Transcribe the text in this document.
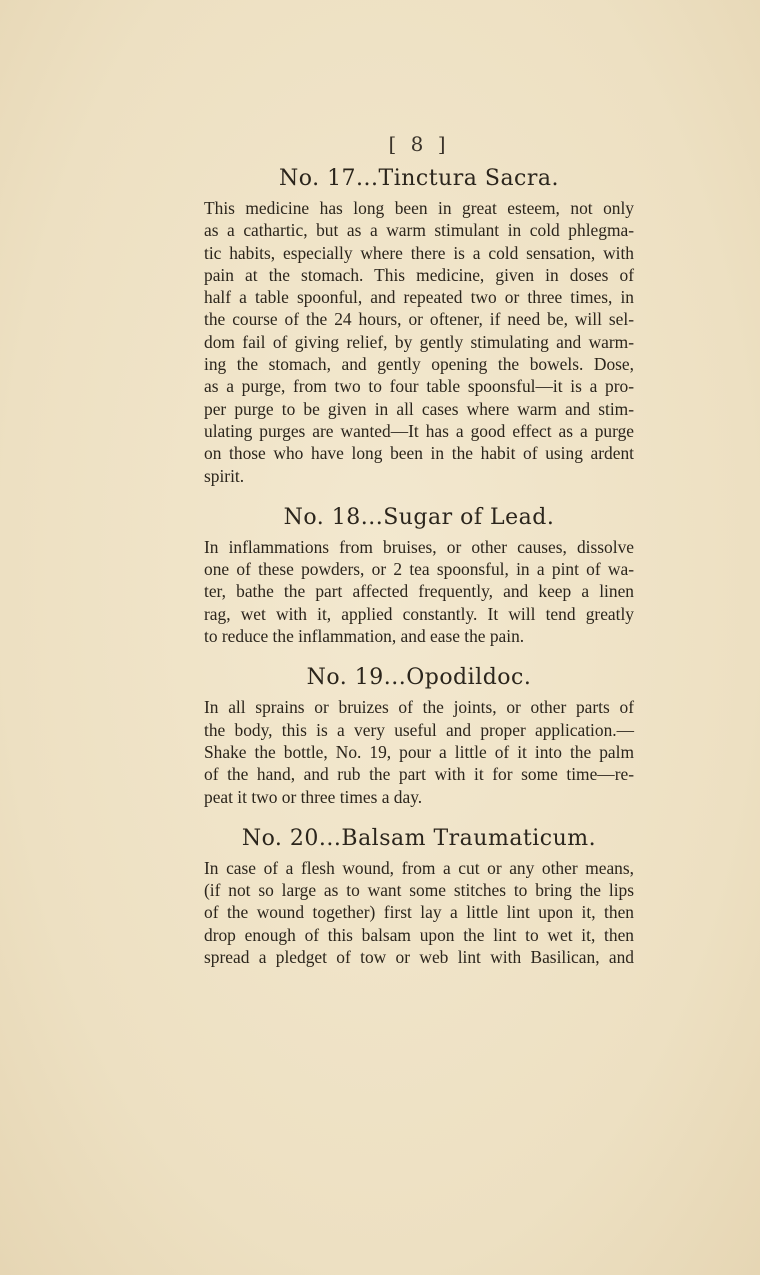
[ 8 ]
No. 17...Tinctura Sacra.
This medicine has long been in great esteem, not only
as a cathartic, but as a warm stimulant in cold phlegma-
tic habits, especially where there is a cold sensation, with
pain at the stomach. This medicine, given in doses of
half a table spoonful, and repeated two or three times, in
the course of the 24 hours, or oftener, if need be, will sel-
dom fail of giving relief, by gently stimulating and warm-
ing the stomach, and gently opening the bowels. Dose,
as a purge, from two to four table spoonsful—it is a pro-
per purge to be given in all cases where warm and stim-
ulating purges are wanted—It has a good effect as a purge
on those who have long been in the habit of using ardent
spirit.
No. 18...Sugar of Lead.
In inflammations from bruises, or other causes, dissolve
one of these powders, or 2 tea spoonsful, in a pint of wa-
ter, bathe the part affected frequently, and keep a linen
rag, wet with it, applied constantly. It will tend greatly
to reduce the inflammation, and ease the pain.
No. 19...Opodildoc.
In all sprains or bruizes of the joints, or other parts of
the body, this is a very useful and proper application.—
Shake the bottle, No. 19, pour a little of it into the palm
of the hand, and rub the part with it for some time—re-
peat it two or three times a day.
No. 20...Balsam Traumaticum.
In case of a flesh wound, from a cut or any other means,
(if not so large as to want some stitches to bring the lips
of the wound together) first lay a little lint upon it, then
drop enough of this balsam upon the lint to wet it, then
spread a pledget of tow or web lint with Basilican, and
